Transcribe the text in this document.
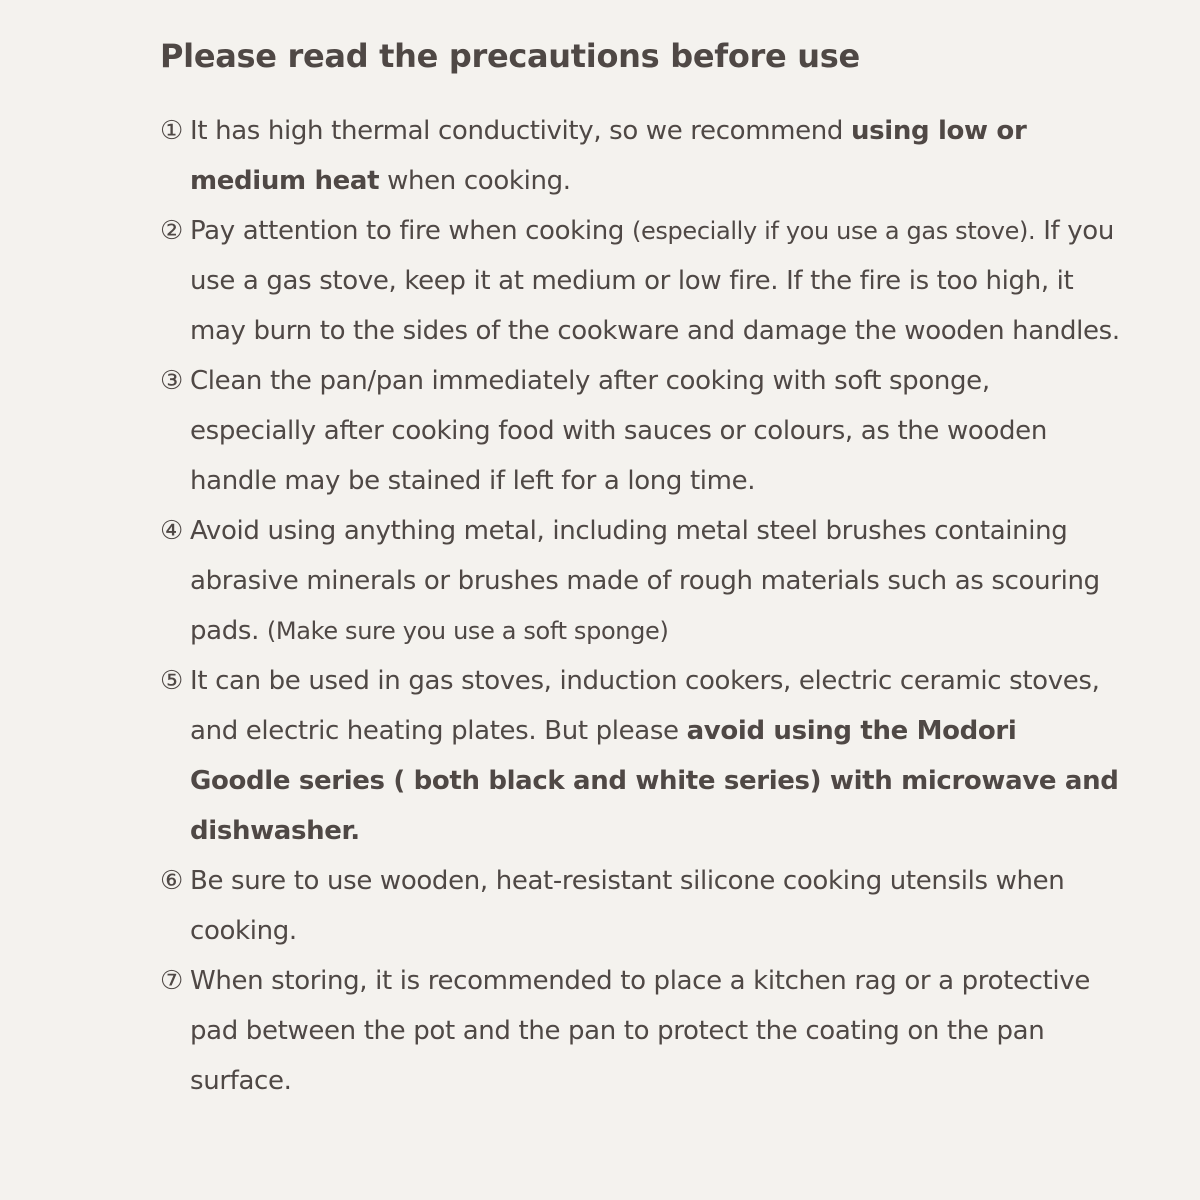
Please read the precautions before use
① It has high thermal conductivity, so we recommend using low or medium heat when cooking.
② Pay attention to fire when cooking (especially if you use a gas stove). If you use a gas stove, keep it at medium or low fire. If the fire is too high, it may burn to the sides of the cookware and damage the wooden handles.
③ Clean the pan/pan immediately after cooking with soft sponge, especially after cooking food with sauces or colours, as the wooden handle may be stained if left for a long time.
④ Avoid using anything metal, including metal steel brushes containing abrasive minerals or brushes made of rough materials such as scouring pads. (Make sure you use a soft sponge)
⑤ It can be used in gas stoves, induction cookers, electric ceramic stoves, and electric heating plates. But please avoid using the Modori Goodle series ( both black and white series) with microwave and dishwasher.
⑥ Be sure to use wooden, heat-resistant silicone cooking utensils when cooking.
⑦ When storing, it is recommended to place a kitchen rag or a protective pad between the pot and the pan to protect the coating on the pan surface.
